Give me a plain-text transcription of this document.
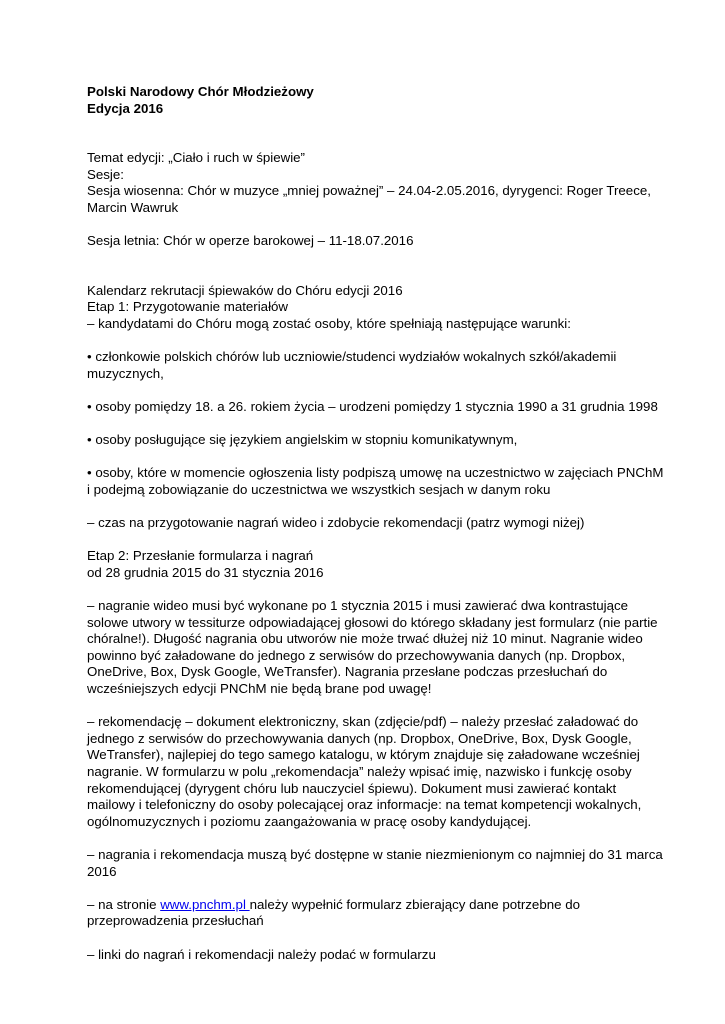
Polski Narodowy Chór Młodzieżowy

Edycja 2016

Temat edycji: „Ciało i ruch w śpiewie”

Sesje:

Sesja wiosenna: Chór w muzyce „mniej poważnej” – 24.04-2.05.2016, dyrygenci: Roger Treece, Marcin Wawruk

Sesja letnia: Chór w operze barokowej – 11-18.07.2016

Kalendarz rekrutacji śpiewaków do Chóru edycji 2016

Etap 1: Przygotowanie materiałów

– kandydatami do Chóru mogą zostać osoby, które spełniają następujące warunki:

• członkowie polskich chórów lub uczniowie/studenci wydziałów wokalnych szkół/akademii muzycznych,

• osoby pomiędzy 18. a 26. rokiem życia – urodzeni pomiędzy 1 stycznia 1990 a 31 grudnia 1998

• osoby posługujące się językiem angielskim w stopniu komunikatywnym,

• osoby, które w momencie ogłoszenia listy podpiszą umowę na uczestnictwo w zajęciach PNChM i podejmą zobowiązanie do uczestnictwa we wszystkich sesjach w danym roku

– czas na przygotowanie nagrań wideo i zdobycie rekomendacji (patrz wymogi niżej)

Etap 2: Przesłanie formularza i nagrań

od 28 grudnia 2015 do 31 stycznia 2016

– nagranie wideo musi być wykonane po 1 stycznia 2015 i musi zawierać dwa kontrastujące solowe utwory w tessiturze odpowiadającej głosowi do którego składany jest formularz (nie partie chóralne!). Długość nagrania obu utworów nie może trwać dłużej niż 10 minut. Nagranie wideo powinno być załadowane do jednego z serwisów do przechowywania danych (np. Dropbox, OneDrive, Box, Dysk Google, WeTransfer). Nagrania przesłane podczas przesłuchań do wcześniejszych edycji PNChM nie będą brane pod uwagę!

– rekomendację – dokument elektroniczny, skan (zdjęcie/pdf) – należy przesłać załadować do jednego z serwisów do przechowywania danych (np. Dropbox, OneDrive, Box, Dysk Google, WeTransfer), najlepiej do tego samego katalogu, w którym znajduje się załadowane wcześniej nagranie. W formularzu w polu „rekomendacja” należy wpisać imię, nazwisko i funkcję osoby rekomendującej (dyrygent chóru lub nauczyciel śpiewu). Dokument musi zawierać kontakt mailowy i telefoniczny do osoby polecającej oraz informacje: na temat kompetencji wokalnych, ogólnomuzycznych i poziomu zaangażowania w pracę osoby kandydującej.

– nagrania i rekomendacja muszą być dostępne w stanie niezmienionym co najmniej do 31 marca 2016

– na stronie www.pnchm.pl należy wypełnić formularz zbierający dane potrzebne do przeprowadzenia przesłuchań

– linki do nagrań i rekomendacji należy podać w formularzu
